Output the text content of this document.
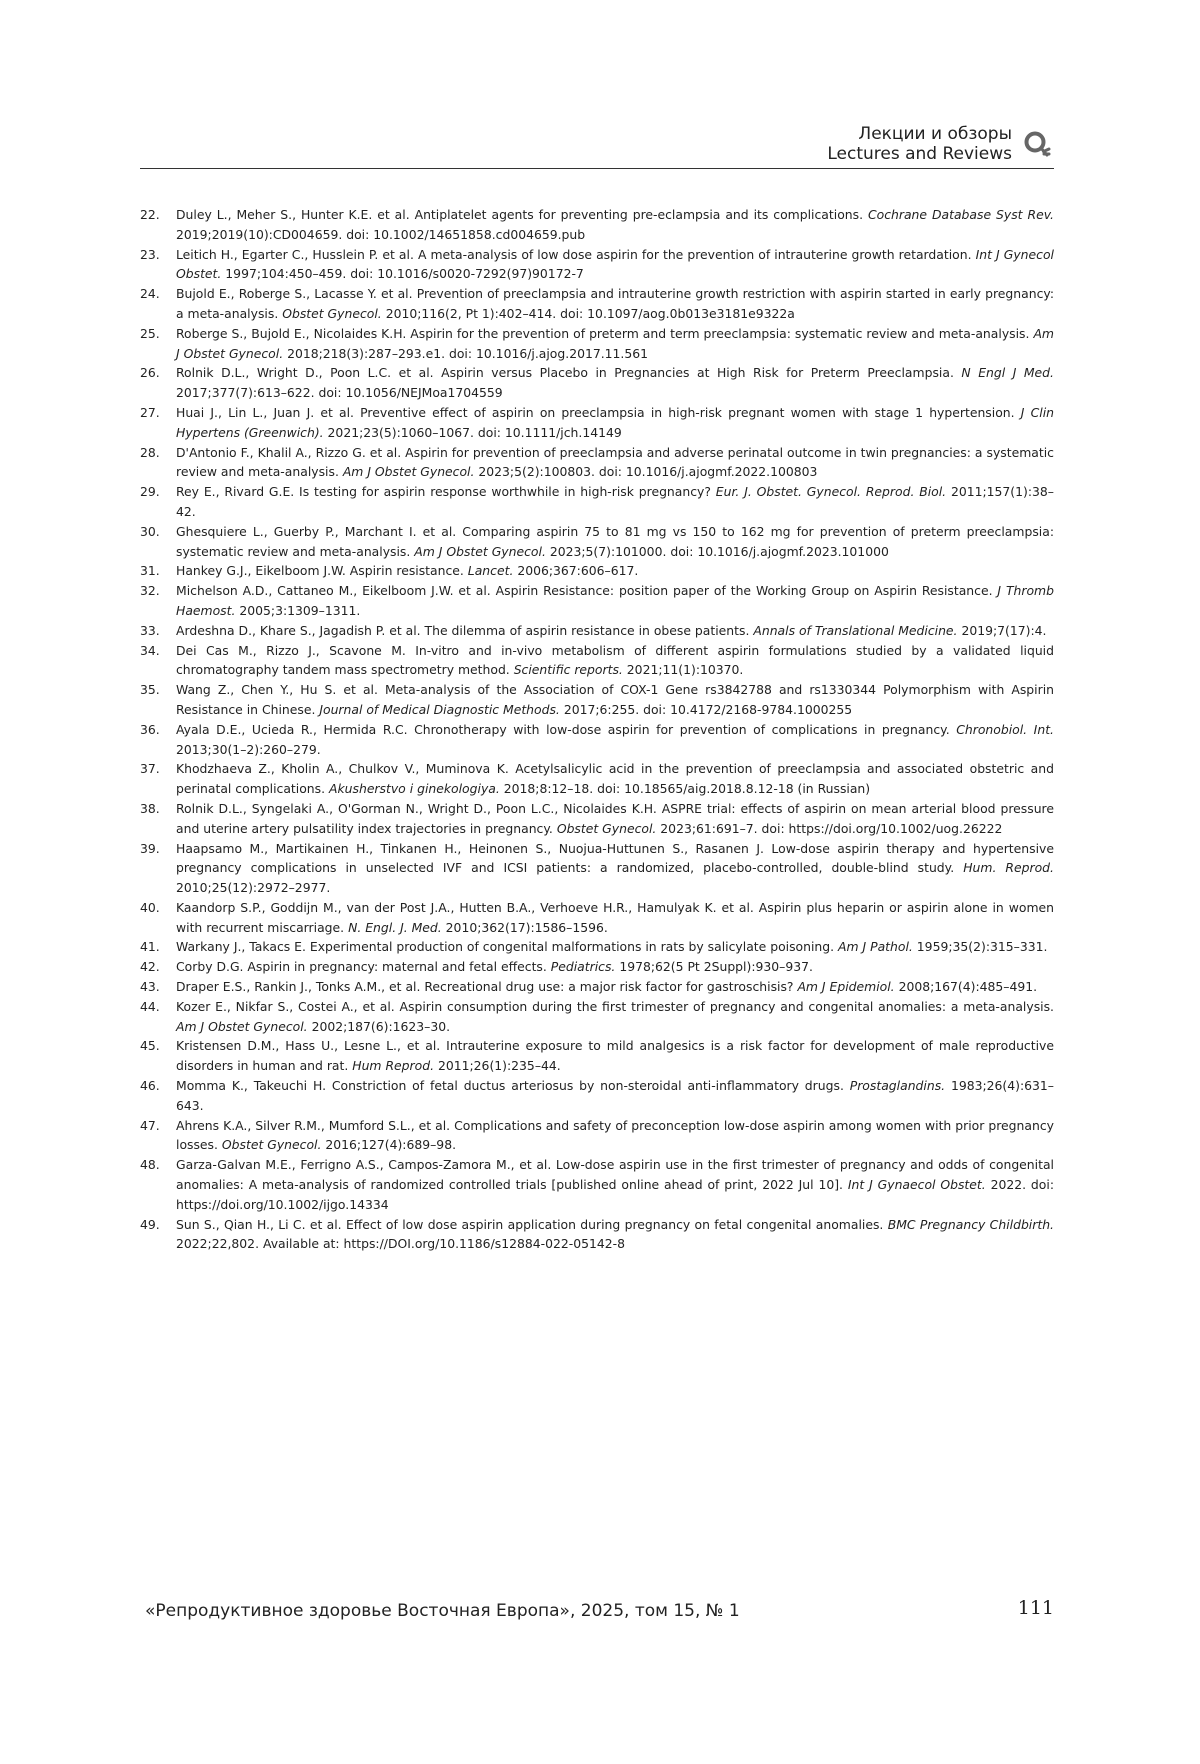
Лекции и обзоры
Lectures and Reviews
22.	Duley L., Meher S., Hunter K.E. et al. Antiplatelet agents for preventing pre-eclampsia and its complications. Cochrane Database Syst Rev. 2019;2019(10):CD004659. doi: 10.1002/14651858.cd004659.pub
23.	Leitich H., Egarter C., Husslein P. et al. A meta-analysis of low dose aspirin for the prevention of intrauterine growth retardation. Int J Gynecol Obstet. 1997;104:450–459. doi: 10.1016/s0020-7292(97)90172-7
24.	Bujold E., Roberge S., Lacasse Y. et al. Prevention of preeclampsia and intrauterine growth restriction with aspirin started in early pregnancy: a meta-analysis. Obstet Gynecol. 2010;116(2, Pt 1):402–414. doi: 10.1097/aog.0b013e3181e9322a
25.	Roberge S., Bujold E., Nicolaides K.H. Aspirin for the prevention of preterm and term preeclampsia: systematic review and meta-analysis. Am J Obstet Gynecol. 2018;218(3):287–293.e1. doi: 10.1016/j.ajog.2017.11.561
26.	Rolnik D.L., Wright D., Poon L.C. et al. Aspirin versus Placebo in Pregnancies at High Risk for Preterm Preeclampsia. N Engl J Med. 2017;377(7):613–622. doi: 10.1056/NEJMoa1704559
27.	Huai J., Lin L., Juan J. et al. Preventive effect of aspirin on preeclampsia in high-risk pregnant women with stage 1 hypertension. J Clin Hypertens (Greenwich). 2021;23(5):1060–1067. doi: 10.1111/jch.14149
28.	D'Antonio F., Khalil A., Rizzo G. et al. Aspirin for prevention of preeclampsia and adverse perinatal outcome in twin pregnancies: a systematic review and meta-analysis. Am J Obstet Gynecol. 2023;5(2):100803. doi: 10.1016/j.ajogmf.2022.100803
29.	Rey E., Rivard G.E. Is testing for aspirin response worthwhile in high-risk pregnancy? Eur. J. Obstet. Gynecol. Reprod. Biol. 2011;157(1):38–42.
30.	Ghesquiere L., Guerby P., Marchant I. et al. Comparing aspirin 75 to 81 mg vs 150 to 162 mg for prevention of preterm preeclampsia: systematic review and meta-analysis. Am J Obstet Gynecol. 2023;5(7):101000. doi: 10.1016/j.ajogmf.2023.101000
31.	Hankey G.J., Eikelboom J.W. Aspirin resistance. Lancet. 2006;367:606–617.
32.	Michelson A.D., Cattaneo M., Eikelboom J.W. et al. Aspirin Resistance: position paper of the Working Group on Aspirin Resistance. J Thromb Haemost. 2005;3:1309–1311.
33.	Ardeshna D., Khare S., Jagadish P. et al. The dilemma of aspirin resistance in obese patients. Annals of Translational Medicine. 2019;7(17):4.
34.	Dei Cas M., Rizzo J., Scavone M. In-vitro and in-vivo metabolism of different aspirin formulations studied by a validated liquid chromatography tandem mass spectrometry method. Scientific reports. 2021;11(1):10370.
35.	Wang Z., Chen Y., Hu S. et al. Meta-analysis of the Association of COX-1 Gene rs3842788 and rs1330344 Polymorphism with Aspirin Resistance in Chinese. Journal of Medical Diagnostic Methods. 2017;6:255. doi: 10.4172/2168-9784.1000255
36.	Ayala D.E., Ucieda R., Hermida R.C. Chronotherapy with low-dose aspirin for prevention of complications in pregnancy. Chronobiol. Int. 2013;30(1–2):260–279.
37.	Khodzhaeva Z., Kholin A., Chulkov V., Muminova K. Acetylsalicylic acid in the prevention of preeclampsia and associated obstetric and perinatal complications. Akusherstvo i ginekologiya. 2018;8:12–18. doi: 10.18565/aig.2018.8.12-18 (in Russian)
38.	Rolnik D.L., Syngelaki A., O'Gorman N., Wright D., Poon L.C., Nicolaides K.H. ASPRE trial: effects of aspirin on mean arterial blood pressure and uterine artery pulsatility index trajectories in pregnancy. Obstet Gynecol. 2023;61:691–7. doi: https://doi.org/10.1002/uog.26222
39.	Haapsamo M., Martikainen H., Tinkanen H., Heinonen S., Nuojua-Huttunen S., Rasanen J. Low-dose aspirin therapy and hypertensive pregnancy complications in unselected IVF and ICSI patients: a randomized, placebo-controlled, double-blind study. Hum. Reprod. 2010;25(12):2972–2977.
40.	Kaandorp S.P., Goddijn M., van der Post J.A., Hutten B.A., Verhoeve H.R., Hamulyak K. et al. Aspirin plus heparin or aspirin alone in women with recurrent miscarriage. N. Engl. J. Med. 2010;362(17):1586–1596.
41.	Warkany J., Takacs E. Experimental production of congenital malformations in rats by salicylate poisoning. Am J Pathol. 1959;35(2):315–331.
42.	Corby D.G. Aspirin in pregnancy: maternal and fetal effects. Pediatrics. 1978;62(5 Pt 2Suppl):930–937.
43.	Draper E.S., Rankin J., Tonks A.M., et al. Recreational drug use: a major risk factor for gastroschisis? Am J Epidemiol. 2008;167(4):485–491.
44.	Kozer E., Nikfar S., Costei A., et al. Aspirin consumption during the first trimester of pregnancy and congenital anomalies: a meta-analysis. Am J Obstet Gynecol. 2002;187(6):1623–30.
45.	Kristensen D.M., Hass U., Lesne L., et al. Intrauterine exposure to mild analgesics is a risk factor for development of male reproductive disorders in human and rat. Hum Reprod. 2011;26(1):235–44.
46.	Momma K., Takeuchi H. Constriction of fetal ductus arteriosus by non-steroidal anti-inflammatory drugs. Prostaglandins. 1983;26(4):631–643.
47.	Ahrens K.A., Silver R.M., Mumford S.L., et al. Complications and safety of preconception low-dose aspirin among women with prior pregnancy losses. Obstet Gynecol. 2016;127(4):689–98.
48.	Garza-Galvan M.E., Ferrigno A.S., Campos-Zamora M., et al. Low-dose aspirin use in the first trimester of pregnancy and odds of congenital anomalies: A meta-analysis of randomized controlled trials [published online ahead of print, 2022 Jul 10]. Int J Gynaecol Obstet. 2022. doi: https://doi.org/10.1002/ijgo.14334
49.	Sun S., Qian H., Li C. et al. Effect of low dose aspirin application during pregnancy on fetal congenital anomalies. BMC Pregnancy Childbirth. 2022;22,802. Available at: https://DOI.org/10.1186/s12884-022-05142-8
«Репродуктивное здоровье Восточная Европа», 2025, том 15, № 1	111
